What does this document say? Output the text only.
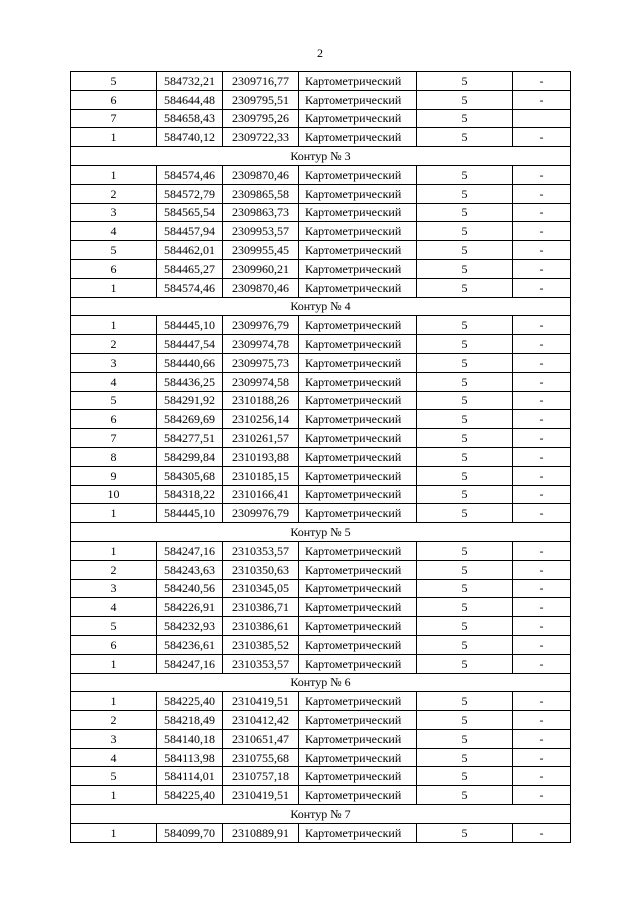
2
5	584732,21	2309716,77	Картометрический	5	-
6	584644,48	2309795,51	Картометрический	5	-
7	584658,43	2309795,26	Картометрический	5	
1	584740,12	2309722,33	Картометрический	5	-
Контур № 3					
1	584574,46	2309870,46	Картометрический	5	-
2	584572,79	2309865,58	Картометрический	5	-
3	584565,54	2309863,73	Картометрический	5	-
4	584457,94	2309953,57	Картометрический	5	-
5	584462,01	2309955,45	Картометрический	5	-
6	584465,27	2309960,21	Картометрический	5	-
1	584574,46	2309870,46	Картометрический	5	-
Контур № 4					
1	584445,10	2309976,79	Картометрический	5	-
2	584447,54	2309974,78	Картометрический	5	-
3	584440,66	2309975,73	Картометрический	5	-
4	584436,25	2309974,58	Картометрический	5	-
5	584291,92	2310188,26	Картометрический	5	-
6	584269,69	2310256,14	Картометрический	5	-
7	584277,51	2310261,57	Картометрический	5	-
8	584299,84	2310193,88	Картометрический	5	-
9	584305,68	2310185,15	Картометрический	5	-
10	584318,22	2310166,41	Картометрический	5	-
1	584445,10	2309976,79	Картометрический	5	-
Контур № 5					
1	584247,16	2310353,57	Картометрический	5	-
2	584243,63	2310350,63	Картометрический	5	-
3	584240,56	2310345,05	Картометрический	5	-
4	584226,91	2310386,71	Картометрический	5	-
5	584232,93	2310386,61	Картометрический	5	-
6	584236,61	2310385,52	Картометрический	5	-
1	584247,16	2310353,57	Картометрический	5	-
Контур № 6					
1	584225,40	2310419,51	Картометрический	5	-
2	584218,49	2310412,42	Картометрический	5	-
3	584140,18	2310651,47	Картометрический	5	-
4	584113,98	2310755,68	Картометрический	5	-
5	584114,01	2310757,18	Картометрический	5	-
1	584225,40	2310419,51	Картометрический	5	-
Контур № 7					
1	584099,70	2310889,91	Картометрический	5	-
